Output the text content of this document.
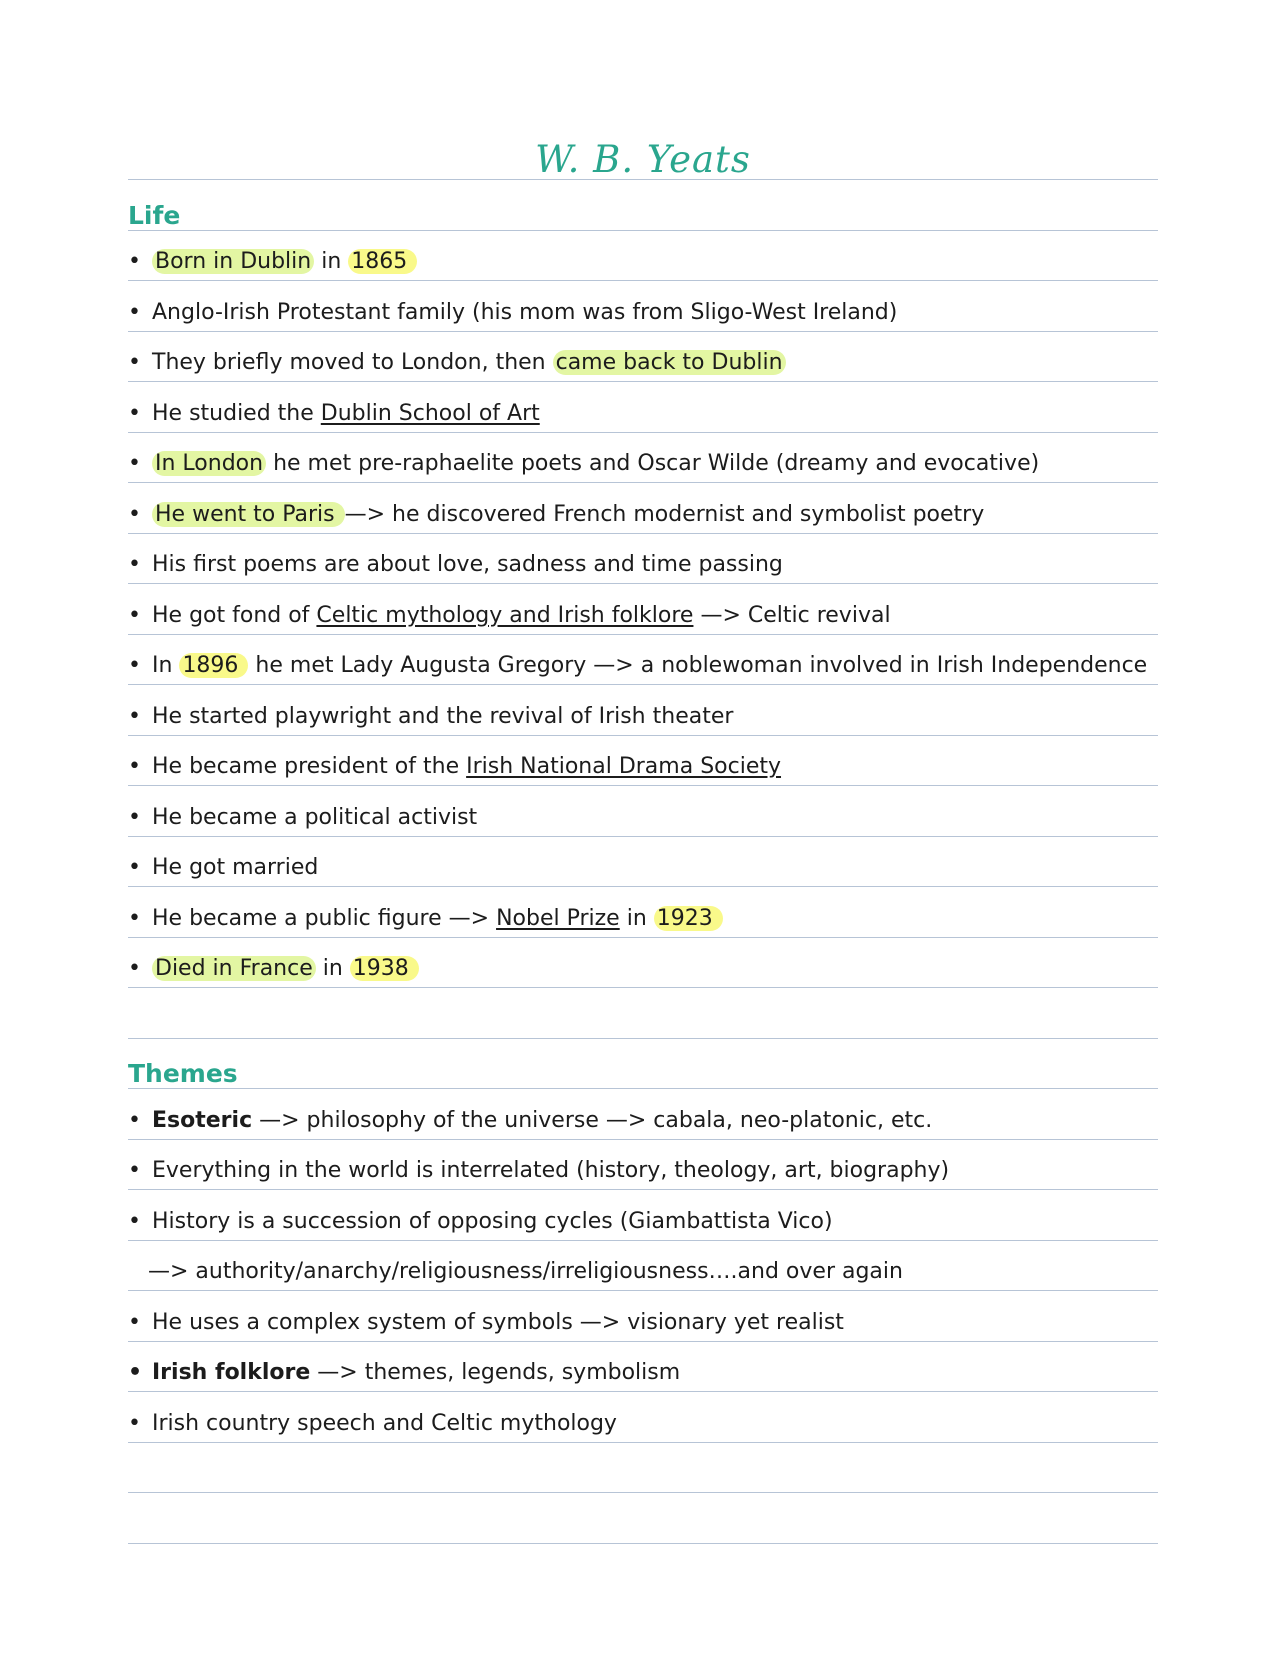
W. B. Yeats
Life
• Born in Dublin in 1865
• Anglo-Irish Protestant family (his mom was from Sligo-West Ireland)
• They briefly moved to London, then came back to Dublin
• He studied the Dublin School of Art
• In London he met pre-raphaelite poets and Oscar Wilde (dreamy and evocative)
• He went to Paris —> he discovered French modernist and symbolist poetry
• His first poems are about love, sadness and time passing
• He got fond of Celtic mythology and Irish folklore —> Celtic revival
• In 1896 he met Lady Augusta Gregory —> a noblewoman involved in Irish Independence
• He started playwright and the revival of Irish theater
• He became president of the Irish National Drama Society
• He became a political activist
• He got married
• He became a public figure —> Nobel Prize in 1923
• Died in France in 1938
Themes
• Esoteric —> philosophy of the universe —> cabala, neo-platonic, etc.
• Everything in the world is interrelated (history, theology, art, biography)
• History is a succession of opposing cycles (Giambattista Vico)
—> authority/anarchy/religiousness/irreligiousness….and over again
• He uses a complex system of symbols —> visionary yet realist
• Irish folklore —> themes, legends, symbolism
• Irish country speech and Celtic mythology
